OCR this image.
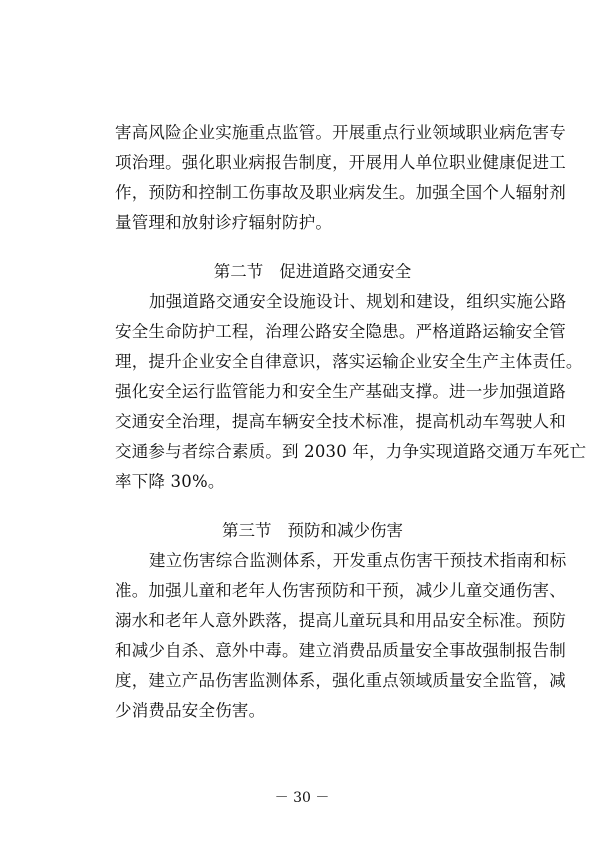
害高风险企业实施重点监管。开展重点行业领域职业病危害专
项治理。强化职业病报告制度，开展用人单位职业健康促进工
作，预防和控制工伤事故及职业病发生。加强全国个人辐射剂
量管理和放射诊疗辐射防护。
第二节 促进道路交通安全
加强道路交通安全设施设计、规划和建设，组织实施公路
安全生命防护工程，治理公路安全隐患。严格道路运输安全管
理，提升企业安全自律意识，落实运输企业安全生产主体责任。
强化安全运行监管能力和安全生产基础支撑。进一步加强道路
交通安全治理，提高车辆安全技术标准，提高机动车驾驶人和
交通参与者综合素质。到 2030 年，力争实现道路交通万车死亡
率下降 30%。
第三节 预防和减少伤害
建立伤害综合监测体系，开发重点伤害干预技术指南和标
准。加强儿童和老年人伤害预防和干预，减少儿童交通伤害、
溺水和老年人意外跌落，提高儿童玩具和用品安全标准。预防
和减少自杀、意外中毒。建立消费品质量安全事故强制报告制
度，建立产品伤害监测体系，强化重点领域质量安全监管，减
少消费品安全伤害。
－ 30 －
